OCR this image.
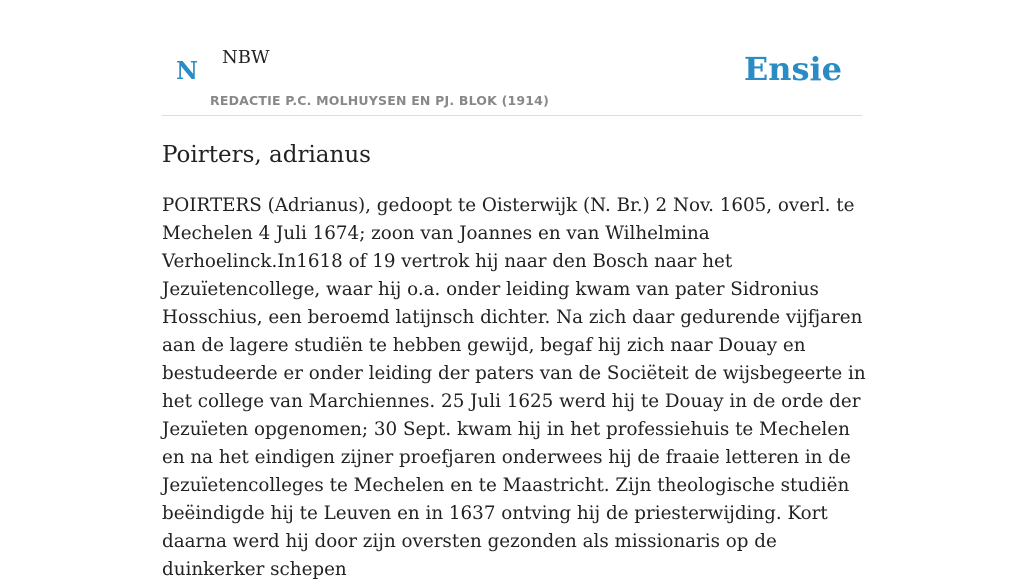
N NBW	Ensie
REDACTIE P.C. MOLHUYSEN EN PJ. BLOK (1914)
Poirters, adrianus

POIRTERS (Adrianus), gedoopt te Oisterwijk (N. Br.) 2 Nov. 1605, overl. te Mechelen 4 Juli 1674; zoon van Joannes en van Wilhelmina Verhoelinck.In1618 of 19 vertrok hij naar den Bosch naar het Jezuïetencollege, waar hij o.a. onder leiding kwam van pater Sidronius Hosschius, een beroemd latijnsch dichter. Na zich daar gedurende vijfjaren aan de lagere studiën te hebben gewijd, begaf hij zich naar Douay en bestudeerde er onder leiding der paters van de Sociëteit de wijsbegeerte in het college van Marchiennes. 25 Juli 1625 werd hij te Douay in de orde der Jezuïeten opgenomen; 30 Sept. kwam hij in het professiehuis te Mechelen en na het eindigen zijner proefjaren onderwees hij de fraaie letteren in de Jezuïetencolleges te Mechelen en te Maastricht. Zijn theologische studiën beëindigde hij te Leuven en in 1637 ontving hij de priesterwijding. Kort daarna werd hij door zijn oversten gezonden als missionaris op de duinkerker schepen
